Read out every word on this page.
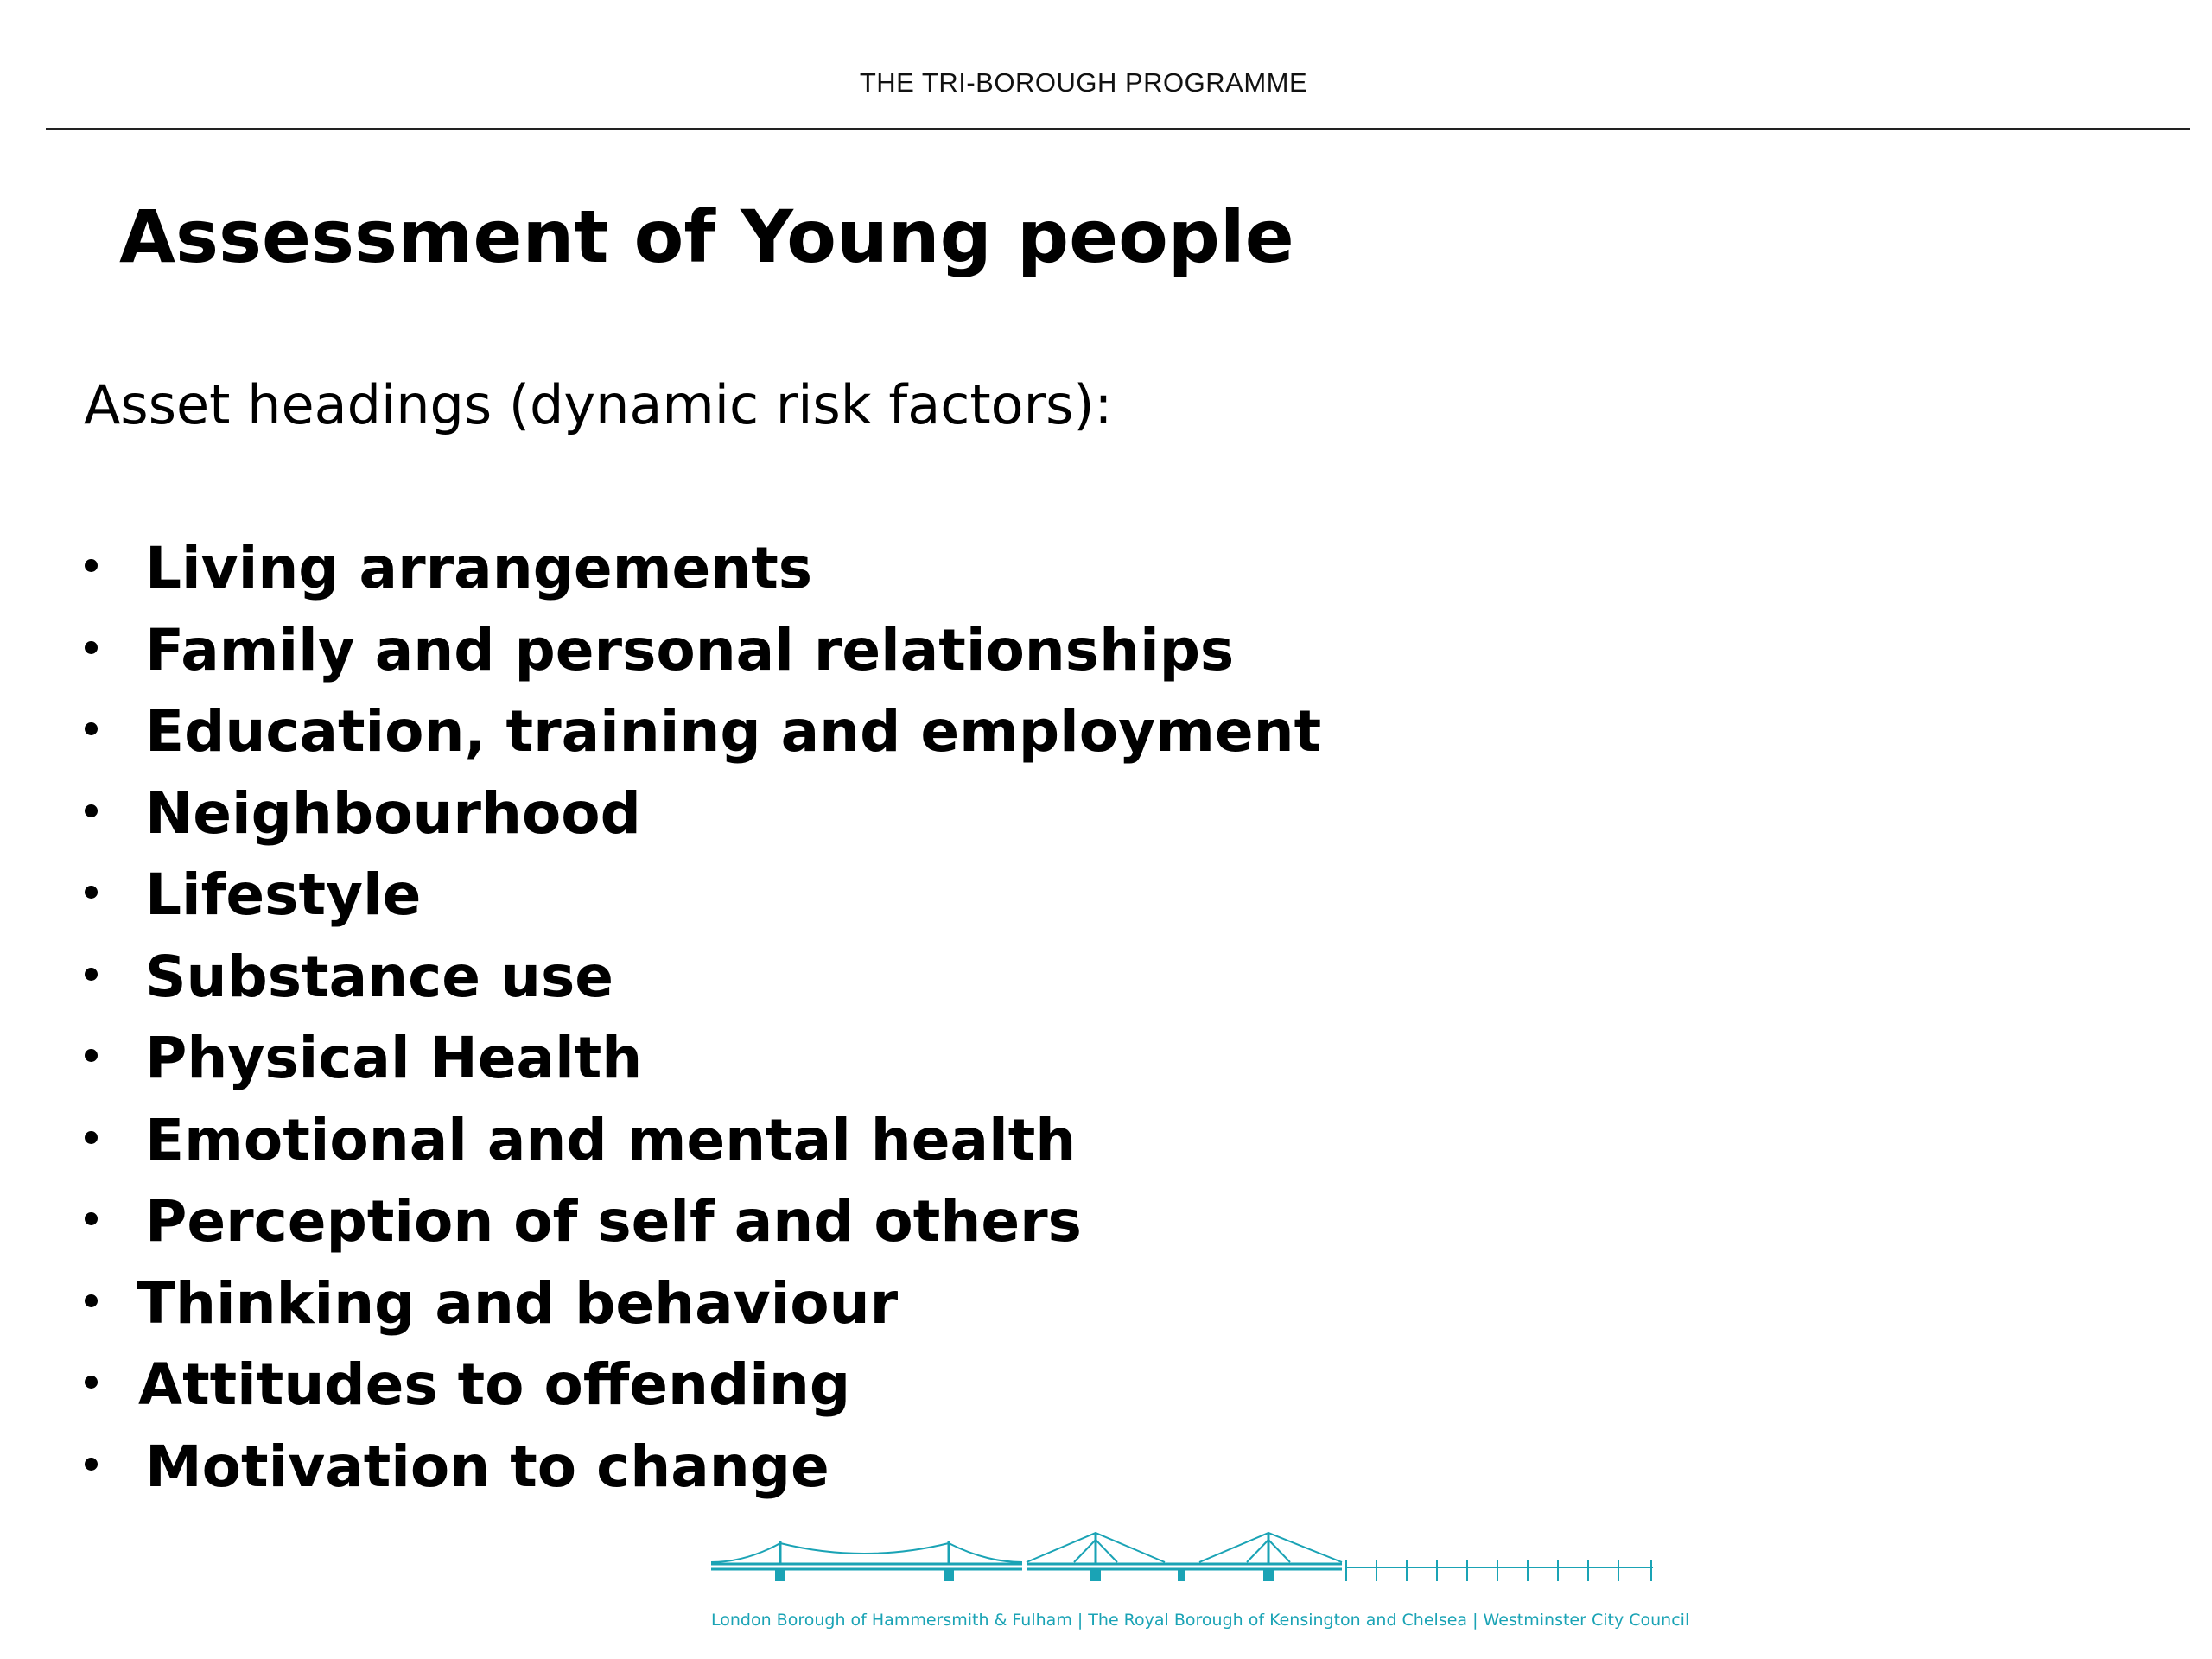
THE TRI-BOROUGH PROGRAMME
Assessment of Young people
Asset headings (dynamic risk factors):
Living arrangements
Family and personal relationships
Education, training and employment
Neighbourhood
Lifestyle
Substance use
Physical Health
Emotional and mental health
Perception of self and others
Thinking and behaviour
Attitudes to offending
Motivation to change
London Borough of Hammersmith & Fulham | The Royal Borough of Kensington and Chelsea | Westminster City Council
